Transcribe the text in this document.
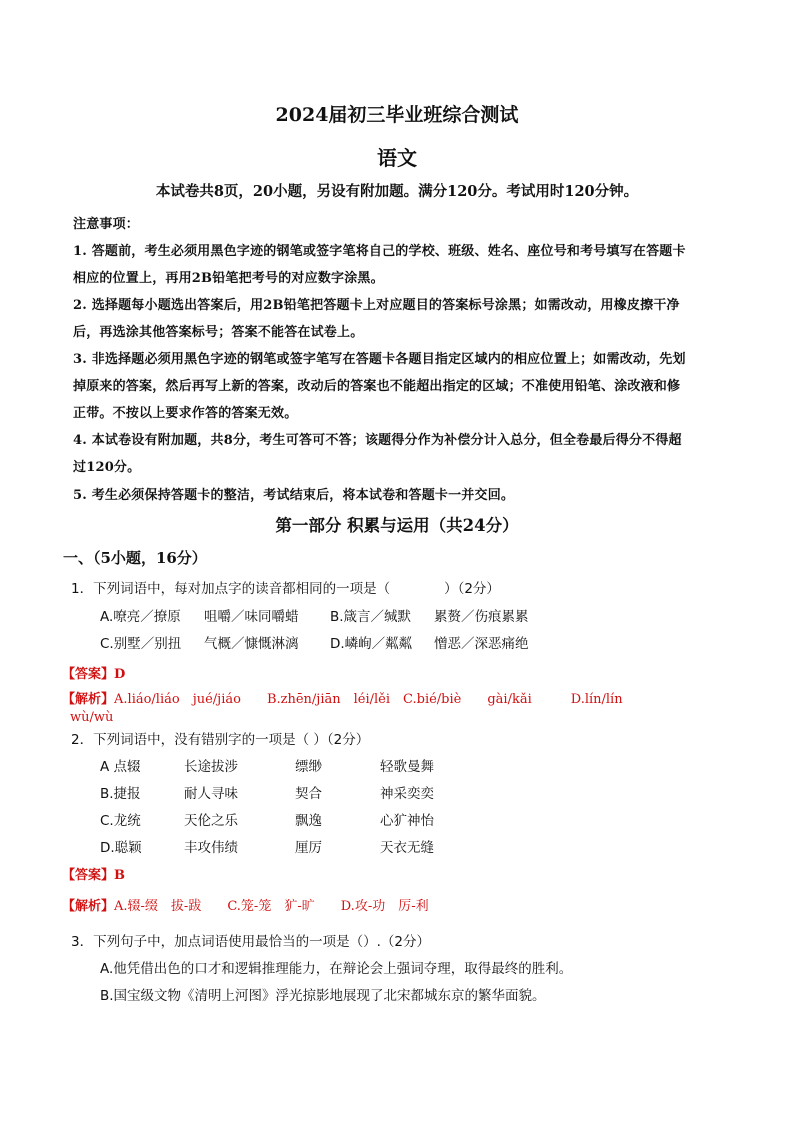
2024届初三毕业班综合测试
语文
本试卷共8页，20小题，另设有附加题。满分120分。考试用时120分钟。
注意事项：
1. 答题前，考生必须用黑色字迹的钢笔或签字笔将自己的学校、班级、姓名、座位号和考号填写在答题卡
相应的位置上，再用2B铅笔把考号的对应数字涂黑。
2. 选择题每小题选出答案后，用2B铅笔把答题卡上对应题目的答案标号涂黑；如需改动，用橡皮擦干净
后，再选涂其他答案标号；答案不能答在试卷上。
3. 非选择题必须用黑色字迹的钢笔或签字笔写在答题卡各题目指定区域内的相应位置上；如需改动，先划
掉原来的答案，然后再写上新的答案，改动后的答案也不能超出指定的区域；不准使用铅笔、涂改液和修
正带。不按以上要求作答的答案无效。
4. 本试卷设有附加题，共8分，考生可答可不答；该题得分作为补偿分计入总分，但全卷最后得分不得超
过120分。
5. 考生必须保持答题卡的整洁，考试结束后，将本试卷和答题卡一并交回。
第一部分 积累与运用（共24分）
一、（5小题，16分）
1．下列词语中，每对加点字的读音都相同的一项是（　　　　）（2分）
A.嘹亮／撩原 咀嚼／味同嚼蜡 B.箴言／缄默 累赘／伤痕累累
C.别墅／别扭 气概／慷慨淋漓 D.嶙峋／粼粼 憎恶／深恶痛绝
【答案】D
【解析】A.liáo/liáo　jué/jiáo　　B.zhēn/jiān　léi/lěi　C.bié/biè　　gài/kǎi　　　D.lín/lín
wù/wù
2．下列词语中，没有错别字的一项是（ ）（2分）
A 点辍	长途拔涉	缥缈	轻歌曼舞
B.捷报	耐人寻味	契合	神采奕奕
C.龙统	天伦之乐	飘逸	心犷神怡
D.聪颖	丰攻伟绩	厘厉	天衣无缝
【答案】B
【解析】A.辍-缀　拔-跋　　C.笼-笼　犷-旷　　D.攻-功　厉-利
3．下列句子中，加点词语使用最恰当的一项是（）.（2分）
A.他凭借出色的口才和逻辑推理能力，在辩论会上强词夺理，取得最终的胜利。
B.国宝级文物《清明上河图》浮光掠影地展现了北宋都城东京的繁华面貌。
